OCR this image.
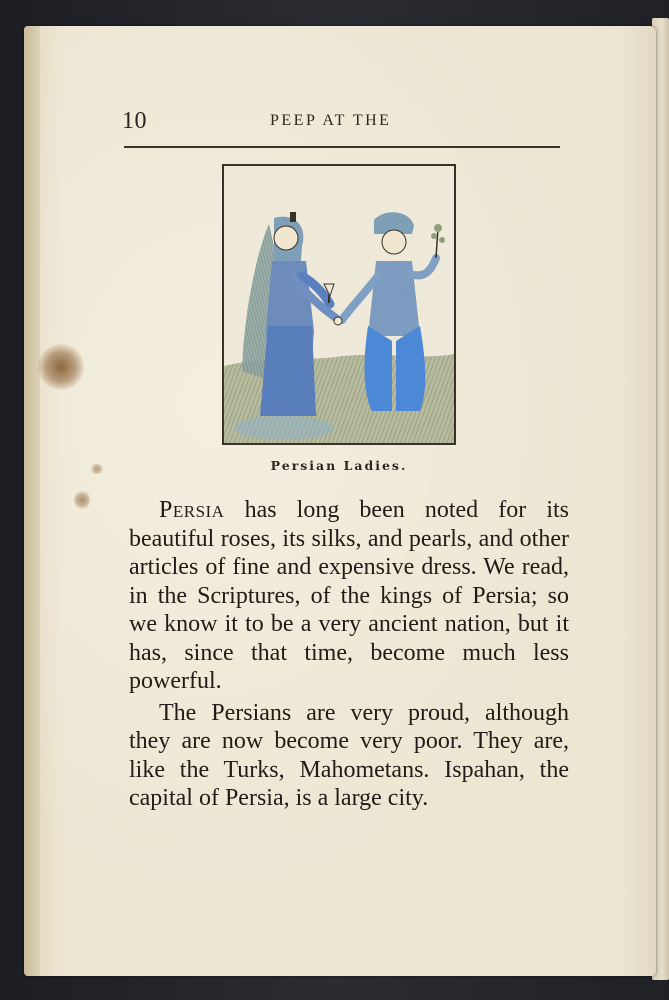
10	PEEP AT THE
Persian Ladies.

Persia has long been noted for its beautiful roses, its silks, and pearls, and other articles of fine and expensive dress. We read, in the Scriptures, of the kings of Persia; so we know it to be a very ancient nation, but it has, since that time, become much less powerful.

The Persians are very proud, although they are now become very poor. They are, like the Turks, Mahometans. Ispahan, the capital of Persia, is a large city.
